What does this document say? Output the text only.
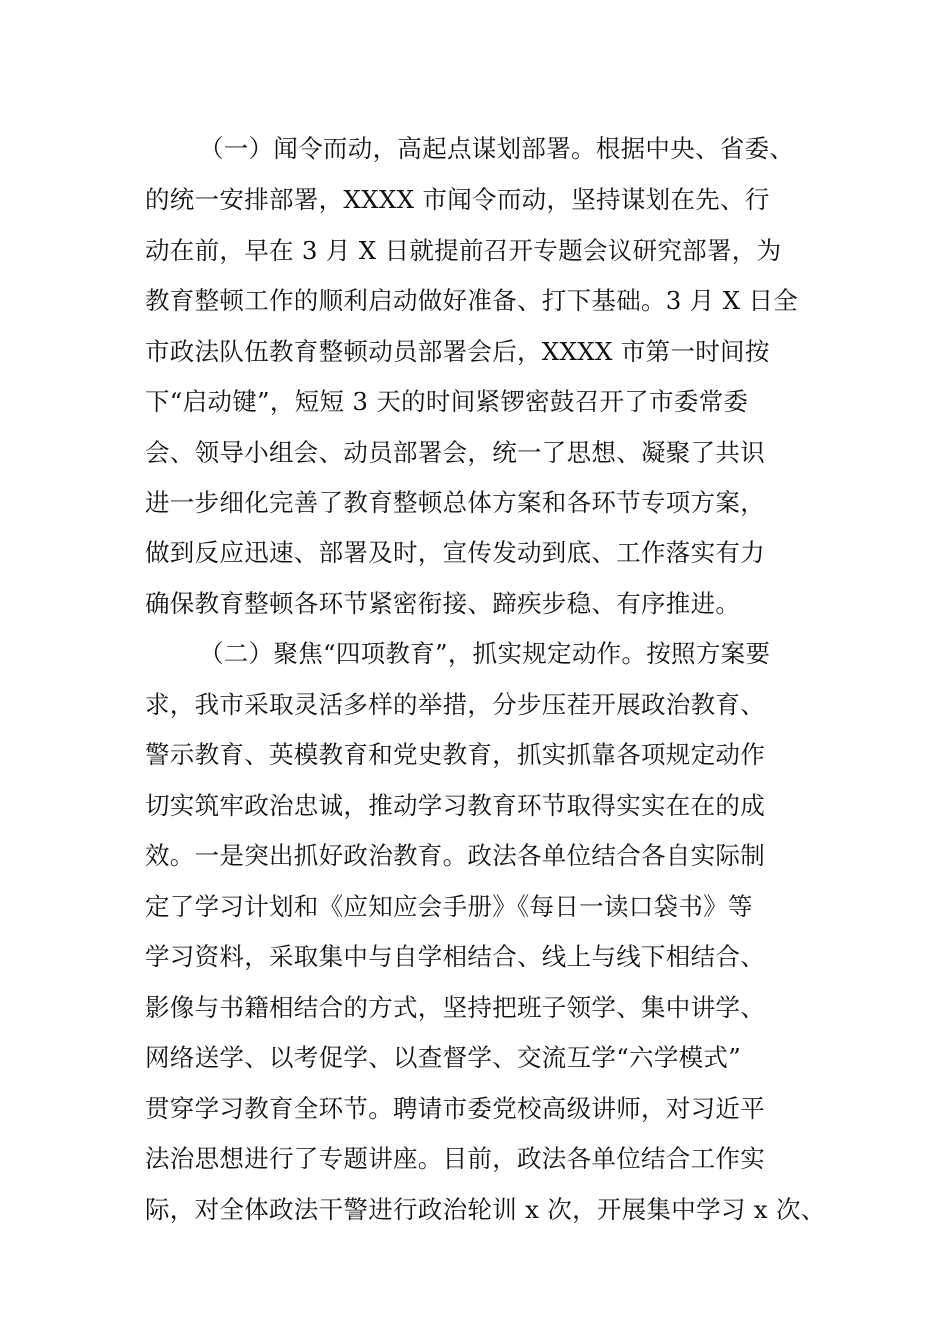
（一）闻令而动，高起点谋划部署。根据中央、省委、
的统一安排部署，XXXX 市闻令而动，坚持谋划在先、行
动在前，早在 3 月 X 日就提前召开专题会议研究部署，为
教育整顿工作的顺利启动做好准备、打下基础。3 月 X 日全
市政法队伍教育整顿动员部署会后，XXXX 市第一时间按
下“启动键”，短短 3 天的时间紧锣密鼓召开了市委常委
会、领导小组会、动员部署会，统一了思想、凝聚了共识
进一步细化完善了教育整顿总体方案和各环节专项方案，
做到反应迅速、部署及时，宣传发动到底、工作落实有力
确保教育整顿各环节紧密衔接、蹄疾步稳、有序推进。
（二）聚焦“四项教育”，抓实规定动作。按照方案要
求，我市采取灵活多样的举措，分步压茬开展政治教育、
警示教育、英模教育和党史教育，抓实抓靠各项规定动作
切实筑牢政治忠诚，推动学习教育环节取得实实在在的成
效。一是突出抓好政治教育。政法各单位结合各自实际制
定了学习计划和《应知应会手册》《每日一读口袋书》等
学习资料，采取集中与自学相结合、线上与线下相结合、
影像与书籍相结合的方式，坚持把班子领学、集中讲学、
网络送学、以考促学、以查督学、交流互学“六学模式”
贯穿学习教育全环节。聘请市委党校高级讲师，对习近平
法治思想进行了专题讲座。目前，政法各单位结合工作实
际，对全体政法干警进行政治轮训 x 次，开展集中学习 x 次、
